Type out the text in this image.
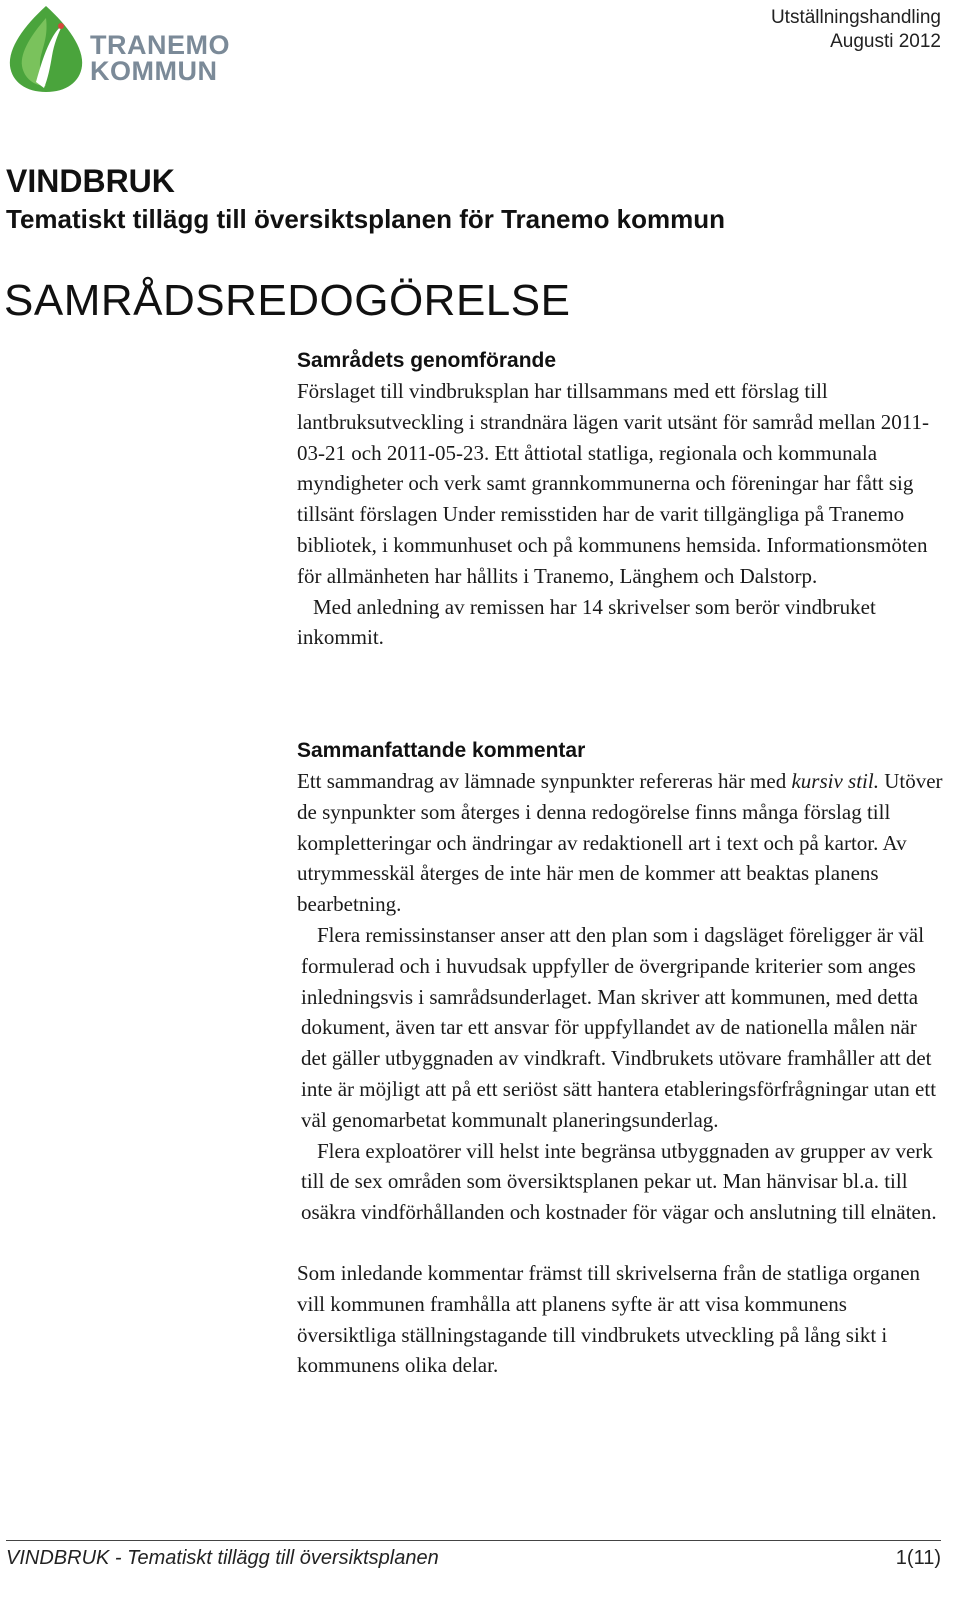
TRANEMO
KOMMUN
Utställningshandling
Augusti 2012
VINDBRUK
Tematiskt tillägg till översiktsplanen för Tranemo kommun
SAMRÅDSREDOGÖRELSE
Samrådets genomförande

Förslaget till vindbruksplan har tillsammans med ett förslag till lantbruksutveckling i strandnära lägen varit utsänt för samråd mellan 2011-03-21 och 2011-05-23. Ett åttiotal statliga, regionala och kommunala myndigheter och verk samt grannkommunerna och föreningar har fått sig tillsänt förslagen Under remisstiden har de varit tillgängliga på Tranemo bibliotek, i kommunhuset och på kommunens hemsida. Informationsmöten för allmänheten har hållits i Tranemo, Länghem och Dalstorp.

Med anledning av remissen har 14 skrivelser som berör vindbruket inkommit.

Sammanfattande kommentar

Ett sammandrag av lämnade synpunkter refereras här med kursiv stil. Utöver de synpunkter som återges i denna redogörelse finns många förslag till kompletteringar och ändringar av redaktionell art i text och på kartor. Av utrymmesskäl återges de inte här men de kommer att beaktas planens bearbetning.

Flera remissinstanser anser att den plan som i dagsläget föreligger är väl formulerad och i huvudsak uppfyller de övergripande kriterier som anges inledningsvis i samrådsunderlaget. Man skriver att kommunen, med detta dokument, även tar ett ansvar för uppfyllandet av de nationella målen när det gäller utbyggnaden av vindkraft. Vindbrukets utövare framhåller att det inte är möjligt att på ett seriöst sätt hantera etableringsförfrågningar utan ett väl genomarbetat kommunalt planeringsunderlag.

Flera exploatörer vill helst inte begränsa utbyggnaden av grupper av verk till de sex områden som översiktsplanen pekar ut. Man hänvisar bl.a. till osäkra vindförhållanden och kostnader för vägar och anslutning till elnäten.

Som inledande kommentar främst till skrivelserna från de statliga organen vill kommunen framhålla att planens syfte är att visa kommunens översiktliga ställningstagande till vindbrukets utveckling på lång sikt i kommunens olika delar.

VINDBRUK - Tematiskt tillägg till översiktsplanen	1(11)
